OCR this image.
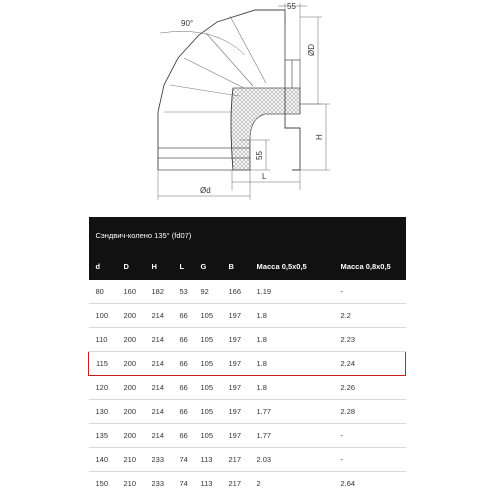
90°
55
ØD
H
55
L
Ød
Сэндвич-колено 135° (fd07)							
d	D	H	L	G	B	Масса 0,5x0,5	Масса 0,8x0,5
80	160	182	53	92	166	1.19	-
100	200	214	66	105	197	1.8	2.2
110	200	214	66	105	197	1.8	2.23
115	200	214	66	105	197	1.8	2.24
120	200	214	66	105	197	1.8	2.26
130	200	214	66	105	197	1.77	2.28
135	200	214	66	105	197	1.77	-
140	210	233	74	113	217	2.03	-
150	210	233	74	113	217	2	2.64
